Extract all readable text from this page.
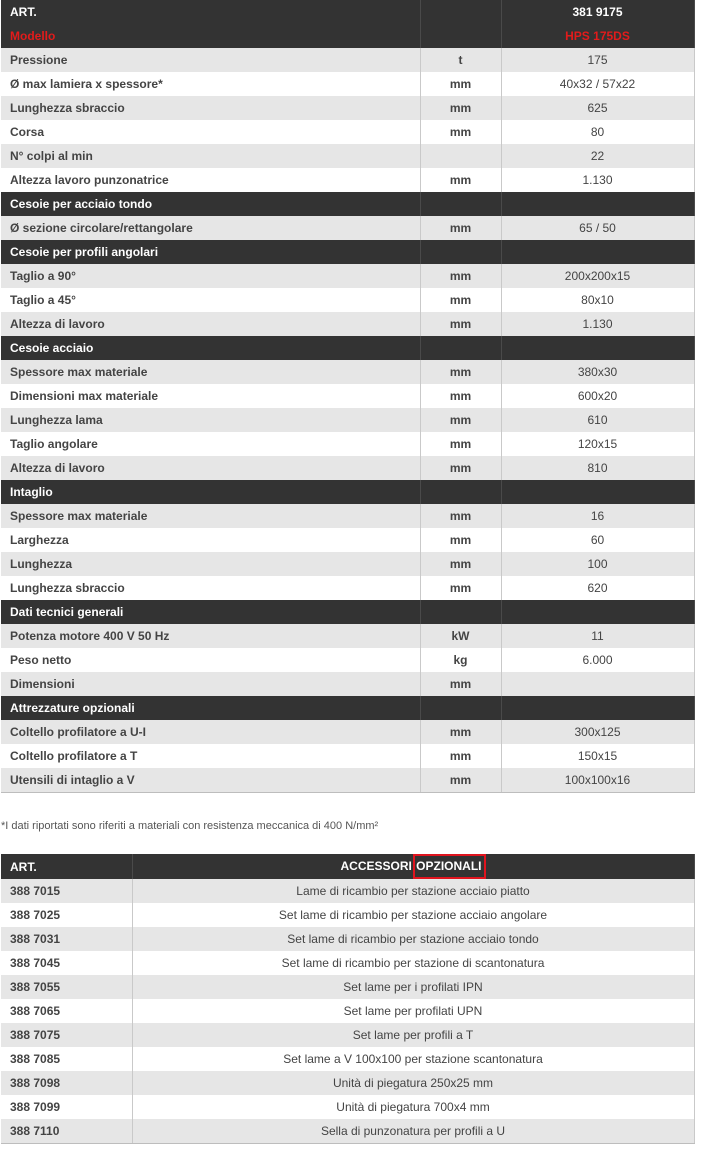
ART.		381 9175
Modello		HPS 175DS
Pressione	t	175
Ø max lamiera x spessore*	mm	40x32 / 57x22
Lunghezza sbraccio	mm	625
Corsa	mm	80
N° colpi al min		22
Altezza lavoro punzonatrice	mm	1.130
Cesoie per acciaio tondo		
Ø sezione circolare/rettangolare	mm	65 / 50
Cesoie per profili angolari		
Taglio a 90°	mm	200x200x15
Taglio a 45°	mm	80x10
Altezza di lavoro	mm	1.130
Cesoie acciaio		
Spessore max materiale	mm	380x30
Dimensioni max materiale	mm	600x20
Lunghezza lama	mm	610
Taglio angolare	mm	120x15
Altezza di lavoro	mm	810
Intaglio		
Spessore max materiale	mm	16
Larghezza	mm	60
Lunghezza	mm	100
Lunghezza sbraccio	mm	620
Dati tecnici generali		
Potenza motore 400 V 50 Hz	kW	11
Peso netto	kg	6.000
Dimensioni	mm	
Attrezzature opzionali		
Coltello profilatore a U-I	mm	300x125
Coltello profilatore a T	mm	150x15
Utensili di intaglio a V	mm	100x100x16
*I dati riportati sono riferiti a materiali con resistenza meccanica di 400 N/mm²
ART.	ACCESSORI OPZIONALI
388 7015	Lame di ricambio per stazione acciaio piatto
388 7025	Set lame di ricambio per stazione acciaio angolare
388 7031	Set lame di ricambio per stazione acciaio tondo
388 7045	Set lame di ricambio per stazione di scantonatura
388 7055	Set lame per i profilati IPN
388 7065	Set lame per profilati UPN
388 7075	Set lame per profili a T
388 7085	Set lame a V 100x100 per stazione scantonatura
388 7098	Unità di piegatura 250x25 mm
388 7099	Unità di piegatura 700x4 mm
388 7110	Sella di punzonatura per profili a U
